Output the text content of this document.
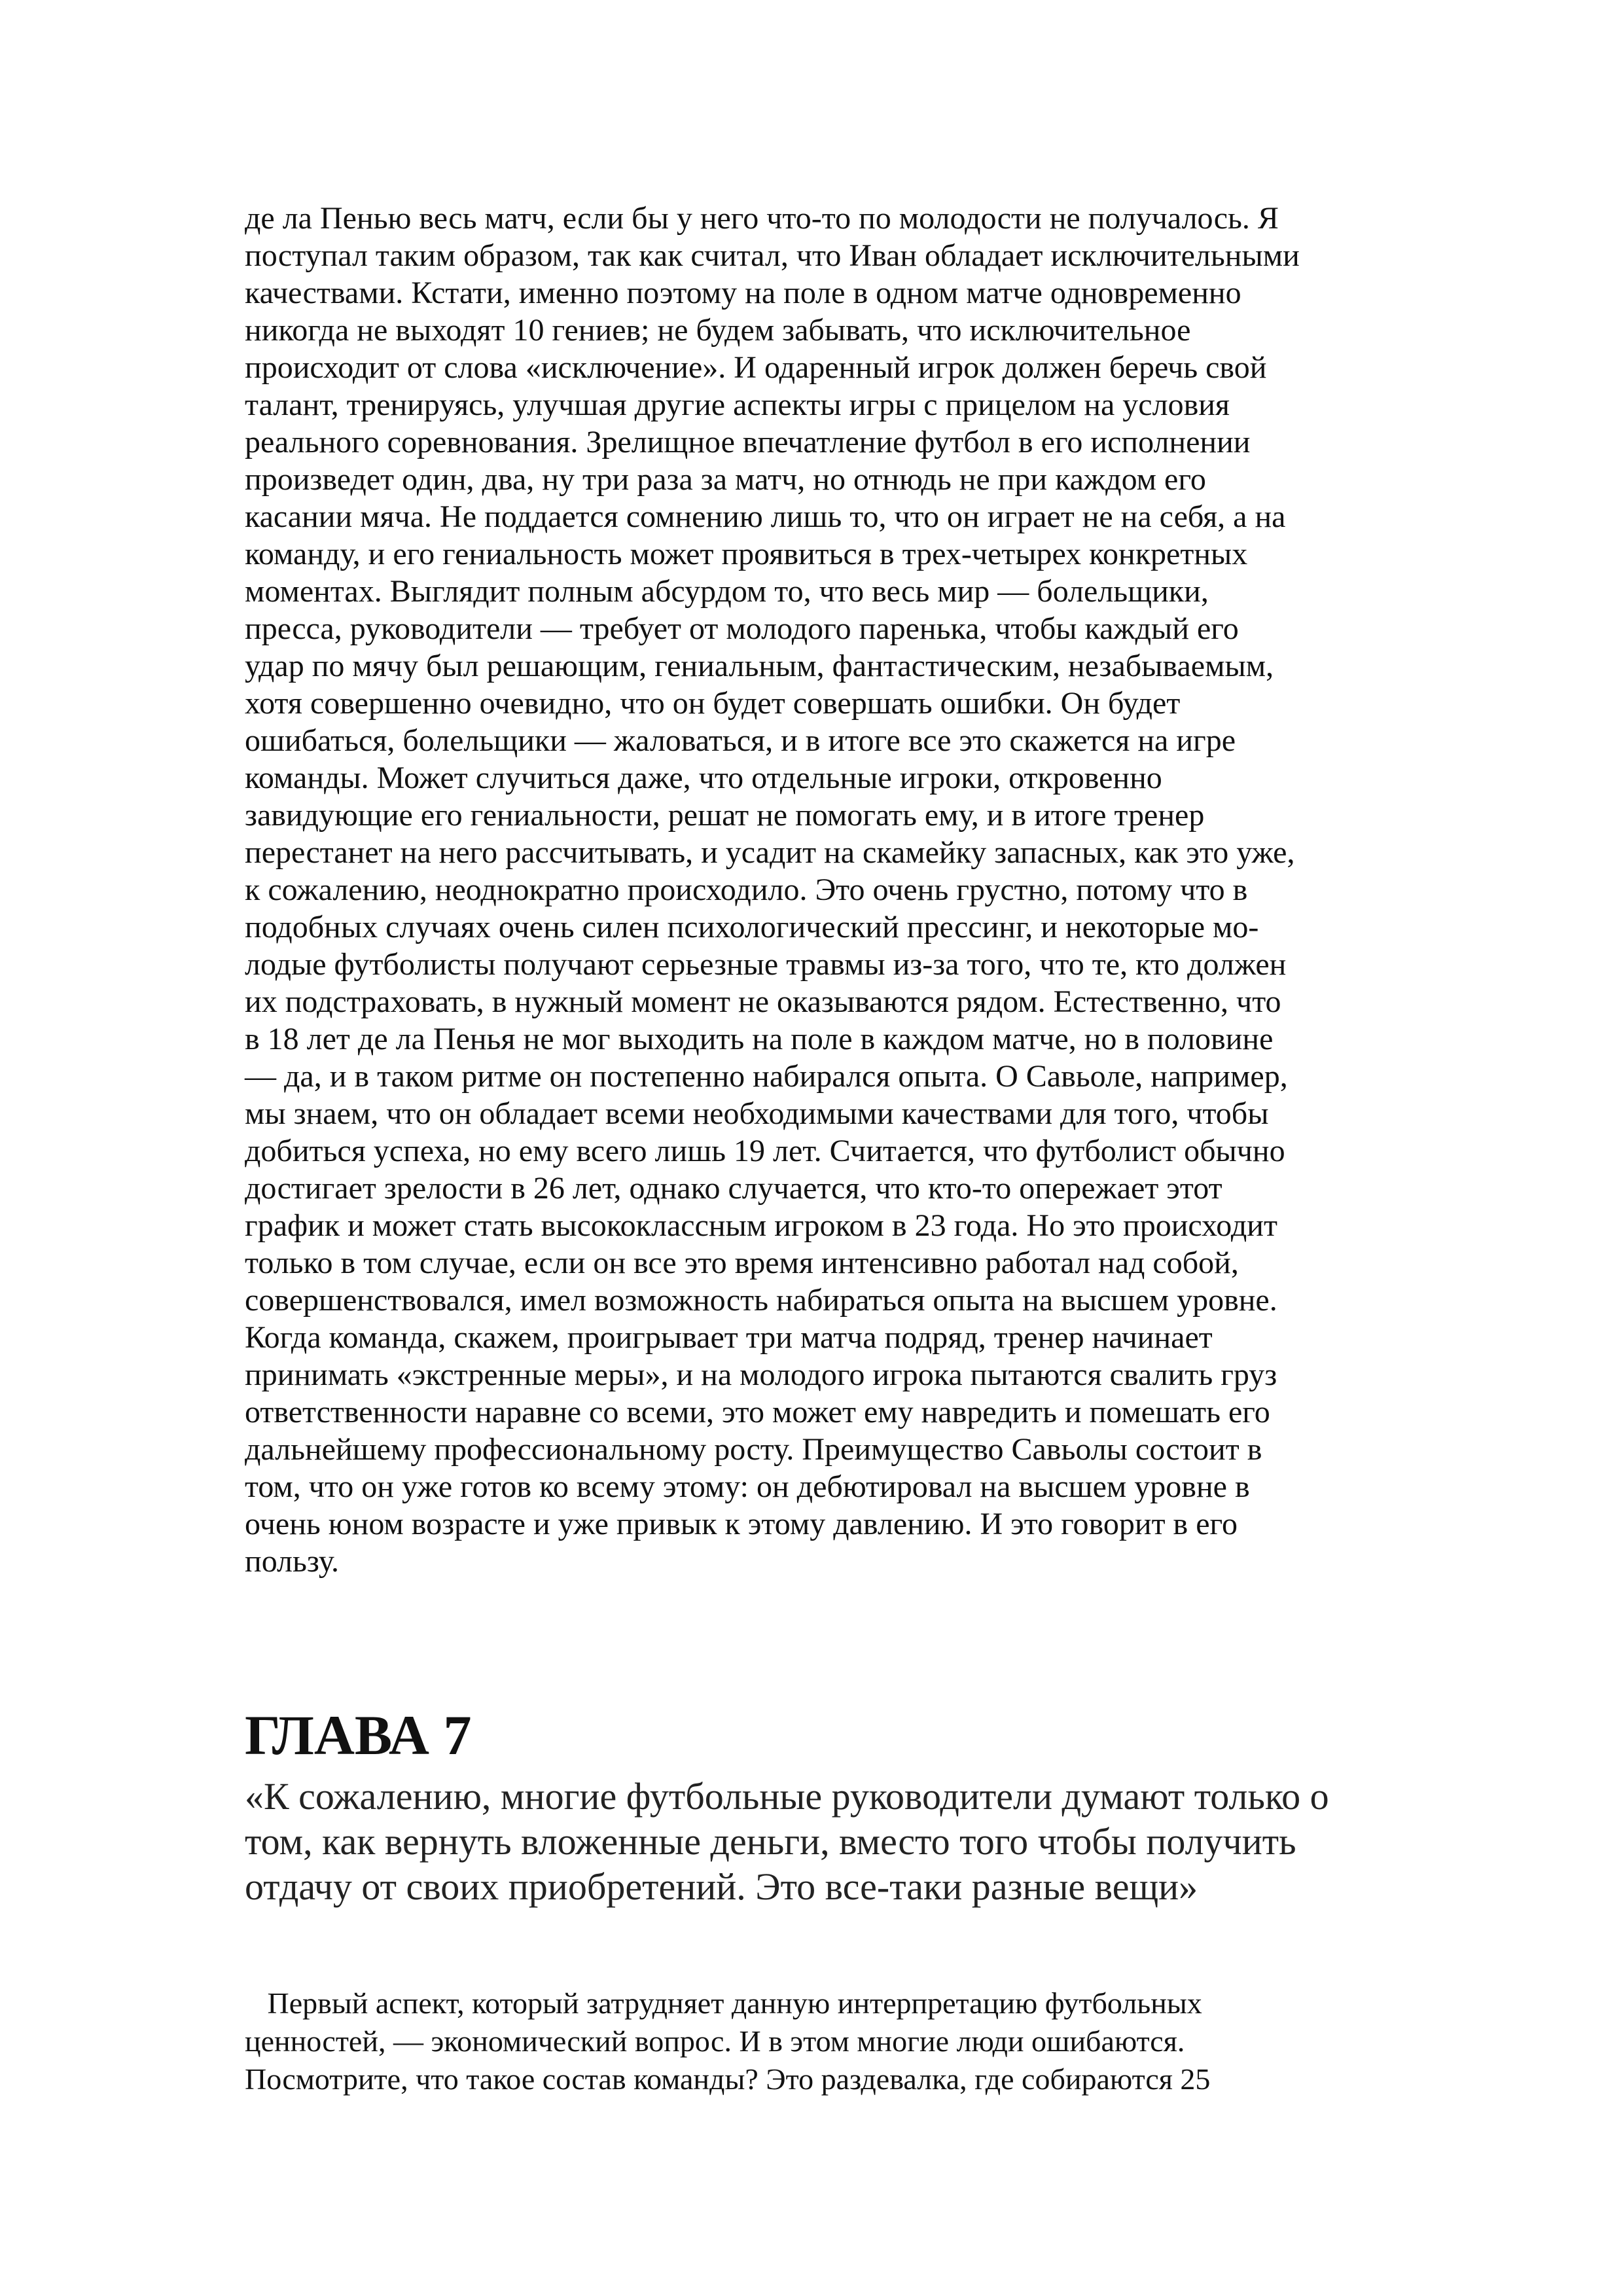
де ла Пенью весь матч, если бы у него что-то по молодости не получалось. Я

поступал таким образом, так как считал, что Иван обладает исключительными

качествами. Кстати, именно поэтому на поле в одном матче одновременно

никогда не выходят 10 гениев; не будем забывать, что исключительное

происходит от слова «исключение». И одаренный игрок должен беречь свой

талант, тренируясь, улучшая другие аспекты игры с прицелом на условия

реального соревнования. Зрелищное впечатление футбол в его исполнении

произведет один, два, ну три раза за матч, но отнюдь не при каждом его

касании мяча. Не поддается сомнению лишь то, что он играет не на себя, а на

команду, и его гениальность может проявиться в трех-четырех конкретных

моментах. Выглядит полным абсурдом то, что весь мир — болельщики,

пресса, руководители — требует от молодого паренька, чтобы каждый его

удар по мячу был решающим, гениальным, фантастическим, незабываемым,

хотя совершенно очевидно, что он будет совершать ошибки. Он будет

ошибаться, болельщики — жаловаться, и в итоге все это скажется на игре

команды. Может случиться даже, что отдельные игроки, откровенно

завидующие его гениальности, решат не помогать ему, и в итоге тренер

перестанет на него рассчитывать, и усадит на скамейку запасных, как это уже,

к сожалению, неоднократно происходило. Это очень грустно, потому что в

подобных случаях очень силен психологический прессинг, и некоторые мо-

лодые футболисты получают серьезные травмы из-за того, что те, кто должен

их подстраховать, в нужный момент не оказываются рядом. Естественно, что

в 18 лет де ла Пенья не мог выходить на поле в каждом матче, но в половине

— да, и в таком ритме он постепенно набирался опыта. О Савьоле, например,

мы знаем, что он обладает всеми необходимыми качествами для того, чтобы

добиться успеха, но ему всего лишь 19 лет. Считается, что футболист обычно

достигает зрелости в 26 лет, однако случается, что кто-то опережает этот

график и может стать высококлассным игроком в 23 года. Но это происходит

только в том случае, если он все это время интенсивно работал над собой,

совершенствовался, имел возможность набираться опыта на высшем уровне.

Когда команда, скажем, проигрывает три матча подряд, тренер начинает

принимать «экстренные меры», и на молодого игрока пытаются свалить груз

ответственности наравне со всеми, это может ему навредить и помешать его

дальнейшему профессиональному росту. Преимущество Савьолы состоит в

том, что он уже готов ко всему этому: он дебютировал на высшем уровне в

очень юном возрасте и уже привык к этому давлению. И это говорит в его

пользу.

ГЛАВА 7

«К сожалению, многие футбольные руководители думают только о

том, как вернуть вложенные деньги, вместо того чтобы получить

отдачу от своих приобретений. Это все-таки разные вещи»

Первый аспект, который затрудняет данную интерпретацию футбольных

ценностей, — экономический вопрос. И в этом многие люди ошибаются.

Посмотрите, что такое состав команды? Это раздевалка, где собираются 25
